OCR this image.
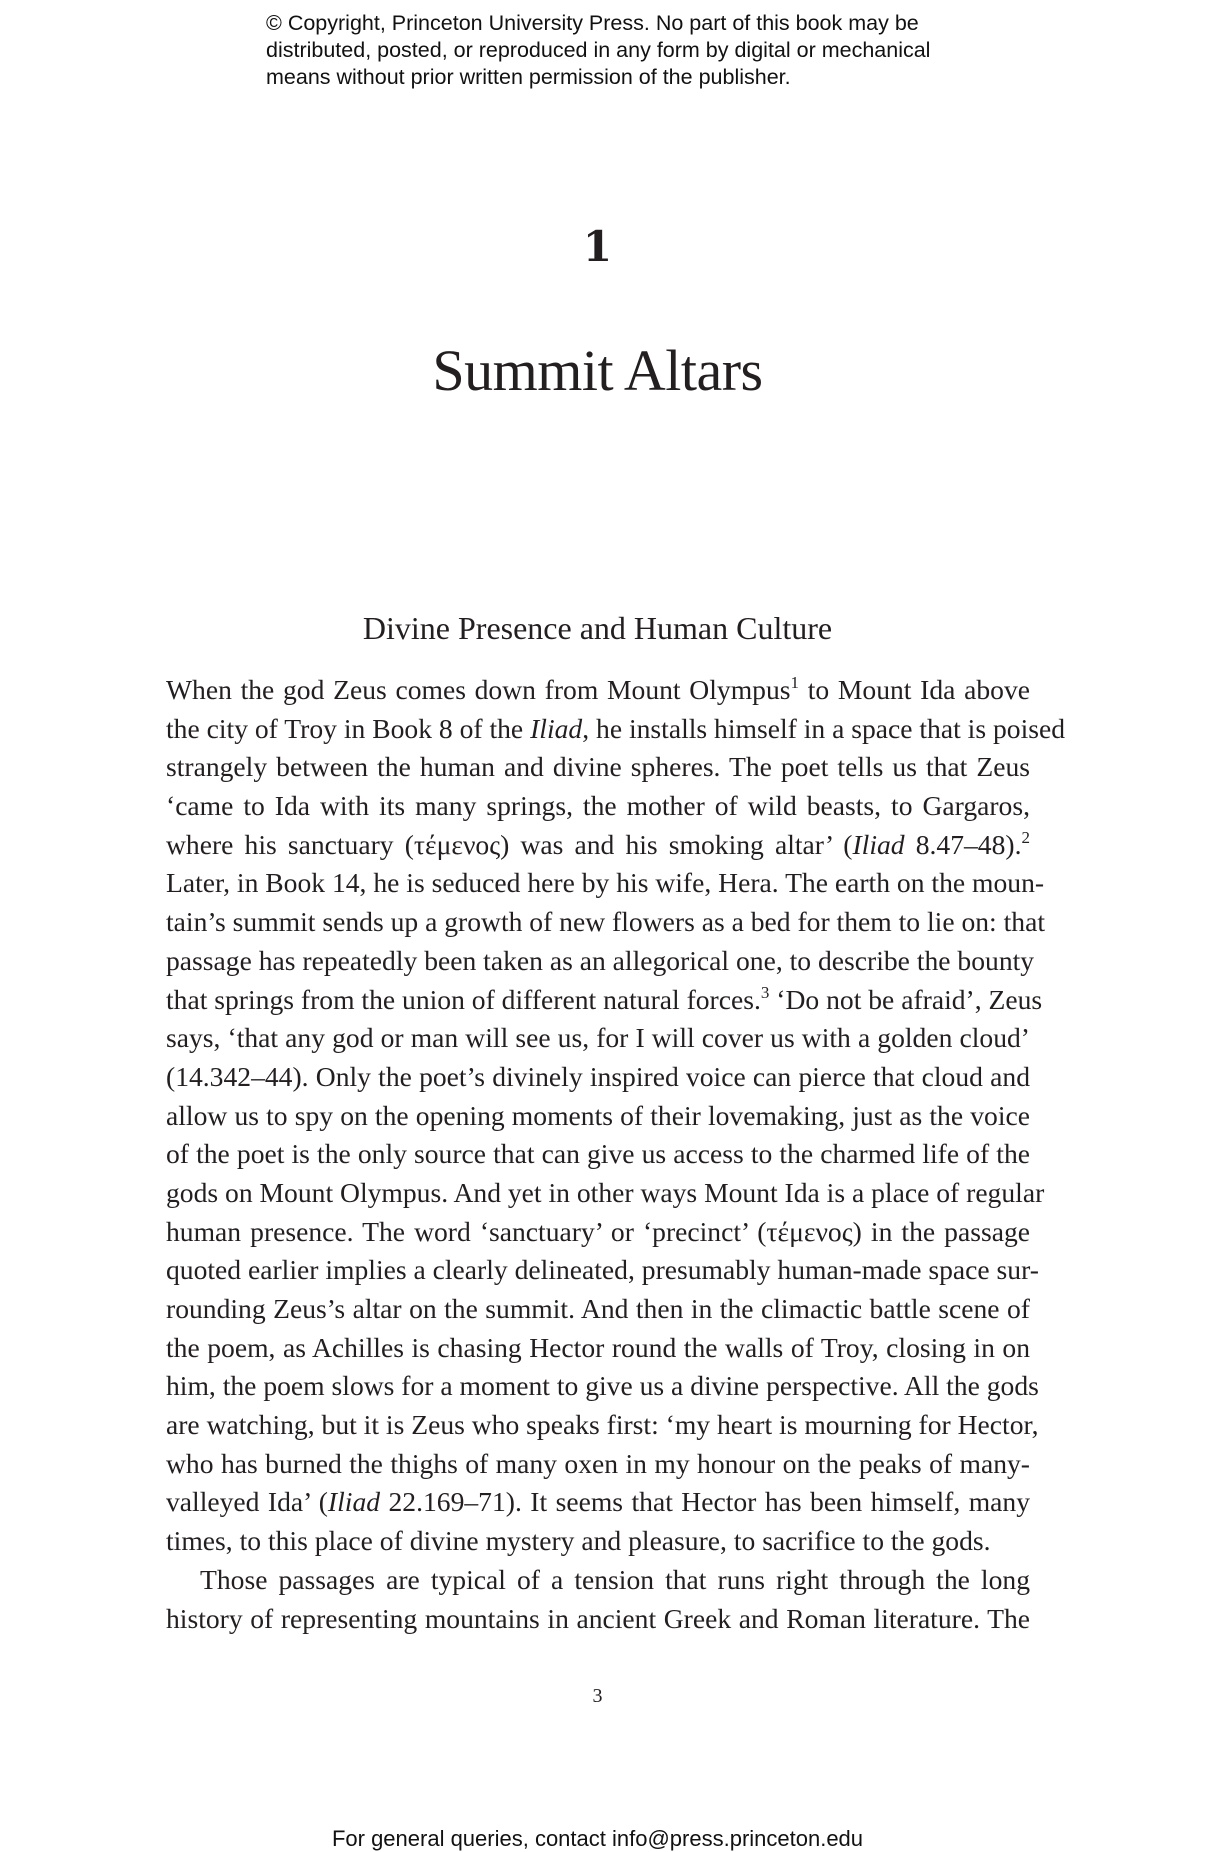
© Copyright, Princeton University Press. No part of this book may be
distributed, posted, or reproduced in any form by digital or mechanical
means without prior written permission of the publisher.
1
Summit Altars
Divine Presence and Human Culture
When the god Zeus comes down from Mount Olympus$^1$ to Mount Ida above
the city of Troy in Book 8 of the Iliad, he installs himself in a space that is poised
strangely between the human and divine spheres. The poet tells us that Zeus
‘came to Ida with its many springs, the mother of wild beasts, to Gargaros,
where his sanctuary (τέμενος) was and his smoking altar’ (Iliad 8.47–48).$^2$
Later, in Book 14, he is seduced here by his wife, Hera. The earth on the moun-
tain’s summit sends up a growth of new flowers as a bed for them to lie on: that
passage has repeatedly been taken as an allegorical one, to describe the bounty
that springs from the union of different natural forces.$^3$ ‘Do not be afraid’, Zeus
says, ‘that any god or man will see us, for I will cover us with a golden cloud’
(14.342–44). Only the poet’s divinely inspired voice can pierce that cloud and
allow us to spy on the opening moments of their lovemaking, just as the voice
of the poet is the only source that can give us access to the charmed life of the
gods on Mount Olympus. And yet in other ways Mount Ida is a place of regular
human presence. The word ‘sanctuary’ or ‘precinct’ (τέμενος) in the passage
quoted earlier implies a clearly delineated, presumably human-made space sur-
rounding Zeus’s altar on the summit. And then in the climactic battle scene of
the poem, as Achilles is chasing Hector round the walls of Troy, closing in on
him, the poem slows for a moment to give us a divine perspective. All the gods
are watching, but it is Zeus who speaks first: ‘my heart is mourning for Hector,
who has burned the thighs of many oxen in my honour on the peaks of many-
valleyed Ida’ (Iliad 22.169–71). It seems that Hector has been himself, many
times, to this place of divine mystery and pleasure, to sacrifice to the gods.
Those passages are typical of a tension that runs right through the long
history of representing mountains in ancient Greek and Roman literature. The
3
For general queries, contact info@press.princeton.edu
